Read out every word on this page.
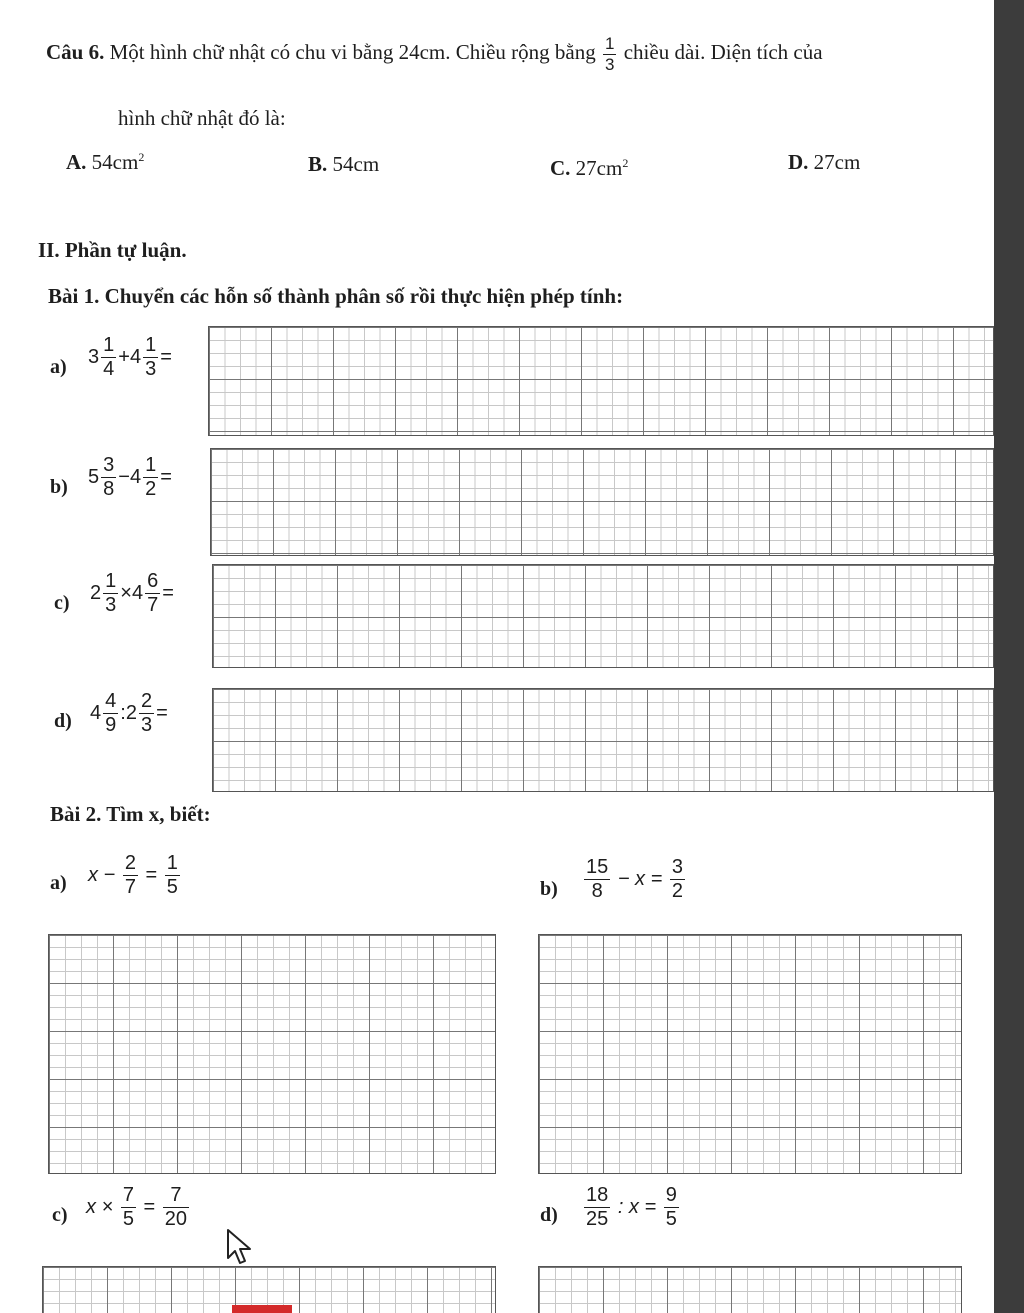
Câu 6. Một hình chữ nhật có chu vi bằng 24cm. Chiều rộng bằng $\frac{1}{3}$ chiều dài. Diện tích của
hình chữ nhật đó là:
A. $54cm^2$	B. 54cm	C. $27cm^2$	D. 27cm
II. Phần tự luận.
Bài 1. Chuyển các hỗn số thành phân số rồi thực hiện phép tính:
a) $3 \frac{1}{4} +4 \frac{1}{3}$ =
b) $5 \frac{3}{8} -4 \frac{1}{2}$ =
c) $2 \frac{1}{3} \times 4 \frac{6}{7}$ =
d) $4 \frac{4}{9}$ :2 $\frac{2}{3}$ =
Bài 2. Tìm x, biết:
a) $x - \frac{2}{7} = \frac{1}{5}$	$b) \frac{15}{8} - x = \frac{3}{2}$
c) $x \times \frac{7}{5} = \frac{7}{20}$	$d) \frac{18}{25}$ : $x = \frac{9}{5}$
